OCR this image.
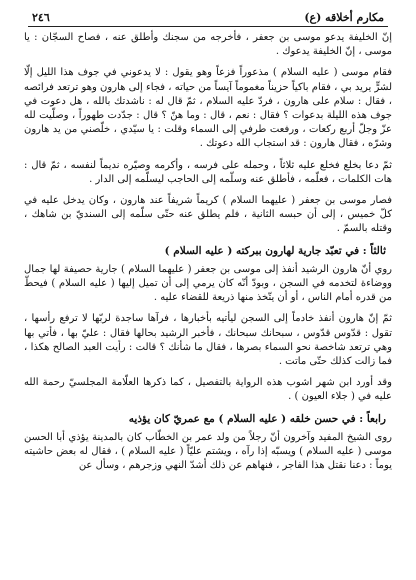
٢٤٦	مكارم أخلاقه (ع)

إنّ الخليفة يدعو موسى بن جعفر ، فأخرجه من سجنك وأطلق عنه ، فصاح السجّان : يا موسى ، إنّ الخليفة يدعوك .

فقام موسى ( عليه السلام ) مذعوراً فزعاً وهو يقول : لا يدعوني في جوف هذا الليل إلّا لشرٍّ يريد بي ، فقام باكياً حزيناً مغموماً آيساً من حياته ، فجاء إلى هارون وهو ترتعد فرائصه ، فقال : سلام على هارون ، فردّ عليه السلام ، ثمّ قال له : ناشدتك بالله ، هل دعوت في جوف هذه الليلة بدعوات ؟ فقال : نعم ، قال : وما هنّ ؟ قال : جدّدت طهوراً ، وصلّيت لله عزّ وجلّ أربع ركعات ، ورفعت طرفي إلى السماء وقلت : يا سيّدي ، خلّصني من يد هارون وشرّه ، فقال هارون : قد استجاب الله دعوتك .

ثمّ دعا بخلع فخلع عليه ثلاثاً ، وحمله على فرسه ، وأكرمه وصيّره نديماً لنفسه ، ثمّ قال : هات الكلمات ، فعلّمه ، فأطلق عنه وسلّمه إلى الحاجب ليسلّمه إلى الدار .

فصار موسى بن جعفر ( عليهما السلام ) كريماً شريفاً عند هارون ، وكان يدخل عليه في كلّ خميس ، إلى أن حبسه الثانية ، فلم يطلق عنه حتّى سلّمه إلى السنديّ بن شاهك ، وقتله بالسمّ .

ثالثاً : في تعبّد جارية لهارون ببركته ( عليه السلام )

روي أنّ هارون الرشيد أنفذ إلى موسى بن جعفر ( عليهما السلام ) جارية حصيفة لها جمال ووضاءة لتخدمه في السجن ، وبودّ أنّه كان يرمي إلى أن تميل إليها ( عليه السلام ) فيحطّ من قدره أمام الناس ، أو أن يتّخذ منها ذريعة للقضاء عليه .

ثمّ إنّ هارون أنفذ خادماً إلى السجن ليأتيه بأخبارها ، فرآها ساجدة لربّها لا ترفع رأسها ، تقول : قدّوس قدّوس ، سبحانك سبحانك ، فأخبر الرشيد بحالها فقال : عليّ بها ، فأتي بها وهي ترتعد شاخصة نحو السماء بصرها ، فقال ما شأنك ؟ قالت : رأيت العبد الصالح هكذا ، فما زالت كذلك حتّى ماتت .

وقد أورد ابن شهر اشوب هذه الرواية بالتفصيل ، كما ذكرها العلّامة المجلسيّ رحمة الله عليه في ( جلاء العيون ) .

رابعاً : في حسن خلقه ( عليه السلام ) مع عمريّ كان يؤذيه

روى الشيخ المفيد وآخرون أنّ رجلاً من ولد عمر بن الخطّاب كان بالمدينة يؤذي أبا الحسن موسى ( عليه السلام ) ويسبّه إذا رآه ، ويشتم عليّاً ( عليه السلام ) ، فقال له بعض حاشيته يوماً : دعنا نقتل هذا الفاجر ، فنهاهم عن ذلك أشدّ النهي وزجرهم ، وسأل عن
